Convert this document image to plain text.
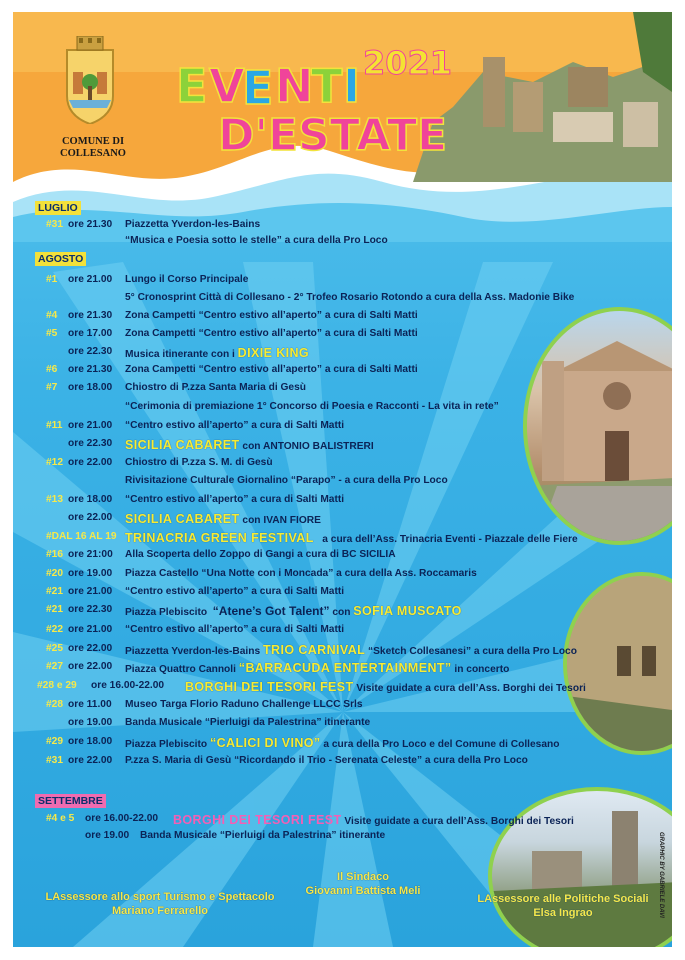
E V
E N
T I 2021
D'ESTATE
COMUNE DI
COLLESANO
LUGLIO
#31 ore 21.30 Piazzetta Yverdon-les-Bains
“Musica e Poesia sotto le stelle” a cura della Pro Loco
AGOSTO
#1 ore 21.00 Lungo il Corso Principale
5° Cronosprint Città di Collesano - 2° Trofeo Rosario Rotondo a cura della Ass. Madonie Bike
#4 ore 21.30 Zona Campetti “Centro estivo all’aperto” a cura di Salti Matti
#5 ore 17.00 Zona Campetti “Centro estivo all’aperto” a cura di Salti Matti
ore 22.30 Musica itinerante con i DIXIE KING
#6 ore 21.30 Zona Campetti “Centro estivo all’aperto” a cura di Salti Matti
#7 ore 18.00 Chiostro di P.zza Santa Maria di Gesù
“Cerimonia di premiazione 1° Concorso di Poesia e Racconti - La vita in rete”
#11 ore 21.00 “Centro estivo all’aperto” a cura di Salti Matti
ore 22.30 SICILIA CABARET con ANTONIO BALISTRERI
#12 ore 22.00 Chiostro di P.zza S. M. di Gesù
Rivisitazione Culturale Giornalino “Parapo” - a cura della Pro Loco
#13 ore 18.00 “Centro estivo all’aperto” a cura di Salti Matti
ore 22.00 SICILIA CABARET con IVAN FIORE
#DAL 16 AL 19 TRINACRIA GREEN FESTIVAL a cura dell’Ass. Trinacria Eventi - Piazzale delle Fiere
#16 ore 21:00 Alla Scoperta dello Zoppo di Gangi a cura di BC SICILIA
#20 ore 19.00 Piazza Castello “Una Notte con i Moncada” a cura della Ass. Roccamaris
#21 ore 21.00 “Centro estivo all’aperto” a cura di Salti Matti
#21 ore 22.30 Piazza Plebiscito “Atene’s Got Talent” con SOFIA MUSCATO
#22 ore 21.00 “Centro estivo all’aperto” a cura di Salti Matti
#25 ore 22.00 Piazzetta Yverdon-les-Bains TRIO CARNIVAL “Sketch Collesanesi” a cura della Pro Loco
#27 ore 22.00 Piazza Quattro Cannoli “BARRACUDA ENTERTAINMENT” in concerto
#28 e 29 ore 16.00-22.00 BORGHI DEI TESORI FEST Visite guidate a cura dell’Ass. Borghi dei Tesori
#28 ore 11.00 Museo Targa Florio Raduno Challenge LLCC Srls
ore 19.00 Banda Musicale “Pierluigi da Palestrina” itinerante
#29 ore 18.00 Piazza Plebiscito “CALICI DI VINO” a cura della Pro Loco e del Comune di Collesano
#31 ore 22.00 P.zza S. Maria di Gesù “Ricordando il Trio - Serenata Celeste” a cura della Pro Loco
SETTEMBRE
#4 e 5 ore 16.00-22.00 BORGHI DEI TESORI FEST Visite guidate a cura dell’Ass. Borghi dei Tesori
ore 19.00 Banda Musicale “Pierluigi da Palestrina” itinerante
Il Sindaco
Giovanni Battista Meli
LAssessore allo sport Turismo e Spettacolo
Mariano Ferrarello
LAssessore alle Politiche Sociali
Elsa Ingrao	GRAPHIC BY GABRIELE DAVI
